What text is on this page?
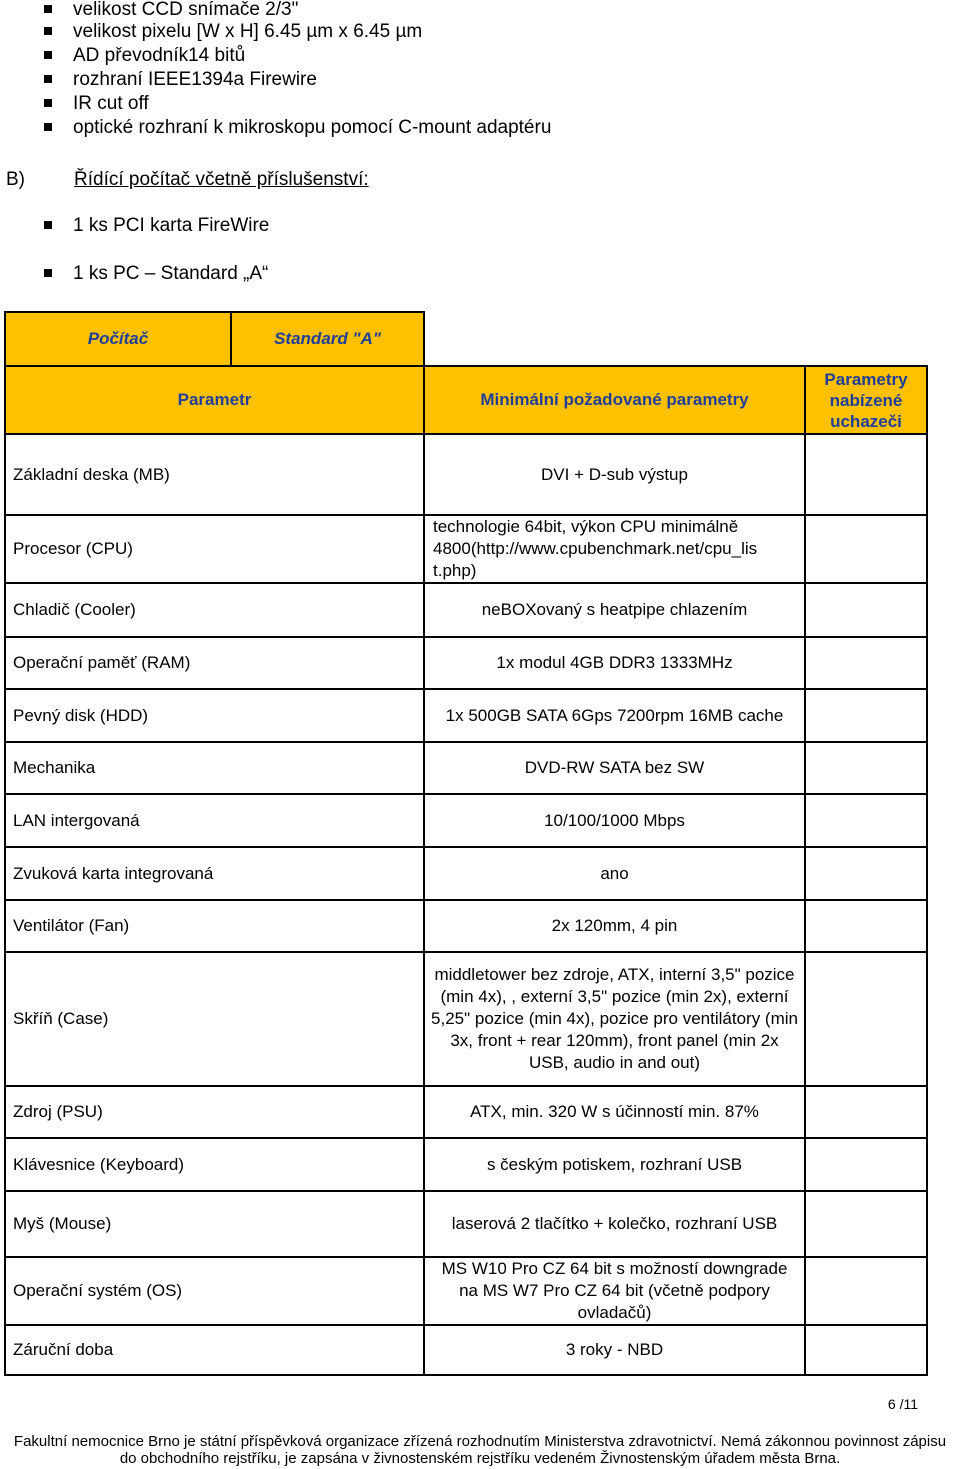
velikost CCD snímače 2/3"
velikost pixelu [W x H] 6.45 µm x 6.45 µm
AD převodník14 bitů
rozhraní IEEE1394a Firewire
IR cut off
optické rozhraní k mikroskopu pomocí C-mount adaptéru
B)	Řídící počítač včetně příslušenství:
1 ks PCI karta FireWire
1 ks PC – Standard „A“
Počítač	Standard "A"		
Parametr		Minimální požadované parametry	Parametry
nabízené
uchazeči
Základní deska (MB)		DVI + D-sub výstup	
Procesor (CPU)		technologie 64bit, výkon CPU minimálně 4800(http://www.cpubenchmark.net/cpu_lis t.php)	
Chladič (Cooler)		neBOXovaný s heatpipe chlazením	
Operační paměť (RAM)		1x modul 4GB DDR3 1333MHz	
Pevný disk (HDD)		1x 500GB SATA 6Gps 7200rpm 16MB cache	
Mechanika		DVD-RW SATA bez SW	
LAN intergovaná		10/100/1000 Mbps	
Zvuková karta integrovaná		ano	
Ventilátor (Fan)		2x 120mm, 4 pin	
Skříň (Case)		middletower bez zdroje, ATX, interní 3,5" pozice (min 4x), , externí 3,5" pozice (min 2x), externí 5,25" pozice (min 4x), pozice pro ventilátory (min 3x, front + rear 120mm), front panel (min 2x USB, audio in and out)	
Zdroj (PSU)		ATX, min. 320 W s účinností min. 87%	
Klávesnice (Keyboard)		s českým potiskem, rozhraní USB	
Myš (Mouse)		laserová 2 tlačítko + kolečko, rozhraní USB	
Operační systém (OS)		MS W10 Pro CZ 64 bit s možností downgrade na MS W7 Pro CZ 64 bit (včetně podpory ovladačů)	
Záruční doba		3 roky - NBD	
6 /11
Fakultní nemocnice Brno je státní příspěvková organizace zřízená rozhodnutím Ministerstva zdravotnictví. Nemá zákonnou povinnost zápisu
do obchodního rejstříku, je zapsána v živnostenském rejstříku vedeném Živnostenským úřadem města Brna.
